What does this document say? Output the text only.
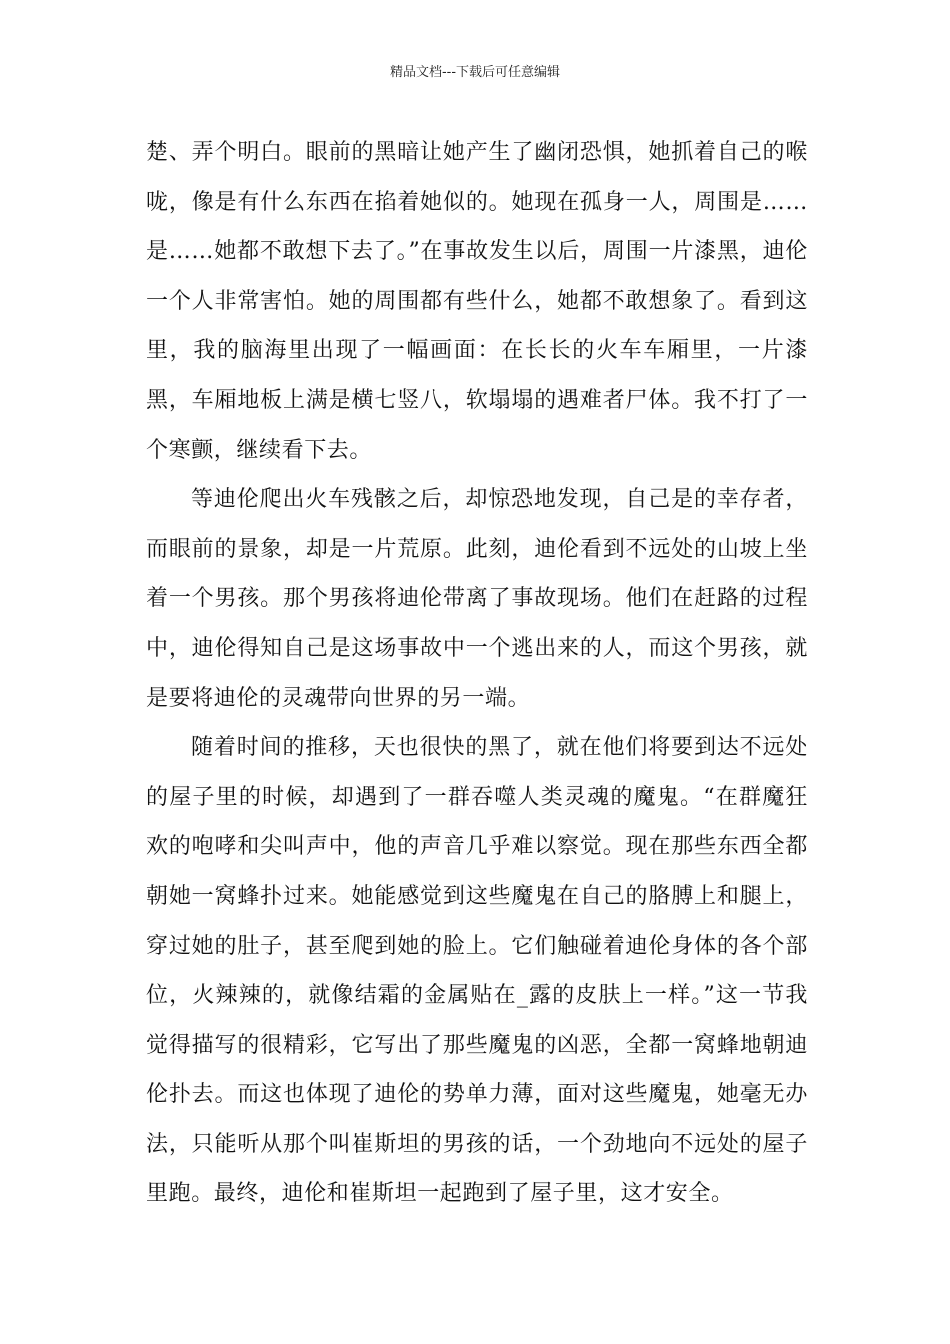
精品文档---下载后可任意编辑

楚、弄个明白。眼前的黑暗让她产生了幽闭恐惧，她抓着自己的喉咙，像是有什么东西在掐着她似的。她现在孤身一人，周围是……是……她都不敢想下去了。”在事故发生以后，周围一片漆黑，迪伦一个人非常害怕。她的周围都有些什么，她都不敢想象了。看到这里，我的脑海里出现了一幅画面：在长长的火车车厢里，一片漆黑，车厢地板上满是横七竖八，软塌塌的遇难者尸体。我不打了一个寒颤，继续看下去。

等迪伦爬出火车残骸之后，却惊恐地发现，自己是的幸存者，而眼前的景象，却是一片荒原。此刻，迪伦看到不远处的山坡上坐着一个男孩。那个男孩将迪伦带离了事故现场。他们在赶路的过程中，迪伦得知自己是这场事故中一个逃出来的人，而这个男孩，就是要将迪伦的灵魂带向世界的另一端。

随着时间的推移，天也很快的黑了，就在他们将要到达不远处的屋子里的时候，却遇到了一群吞噬人类灵魂的魔鬼。“在群魔狂欢的咆哮和尖叫声中，他的声音几乎难以察觉。现在那些东西全都朝她一窝蜂扑过来。她能感觉到这些魔鬼在自己的胳膊上和腿上，穿过她的肚子，甚至爬到她的脸上。它们触碰着迪伦身体的各个部位，火辣辣的，就像结霜的金属贴在_露的皮肤上一样。”这一节我觉得描写的很精彩，它写出了那些魔鬼的凶恶，全都一窝蜂地朝迪伦扑去。而这也体现了迪伦的势单力薄，面对这些魔鬼，她毫无办法，只能听从那个叫崔斯坦的男孩的话，一个劲地向不远处的屋子里跑。最终，迪伦和崔斯坦一起跑到了屋子里，这才安全。
